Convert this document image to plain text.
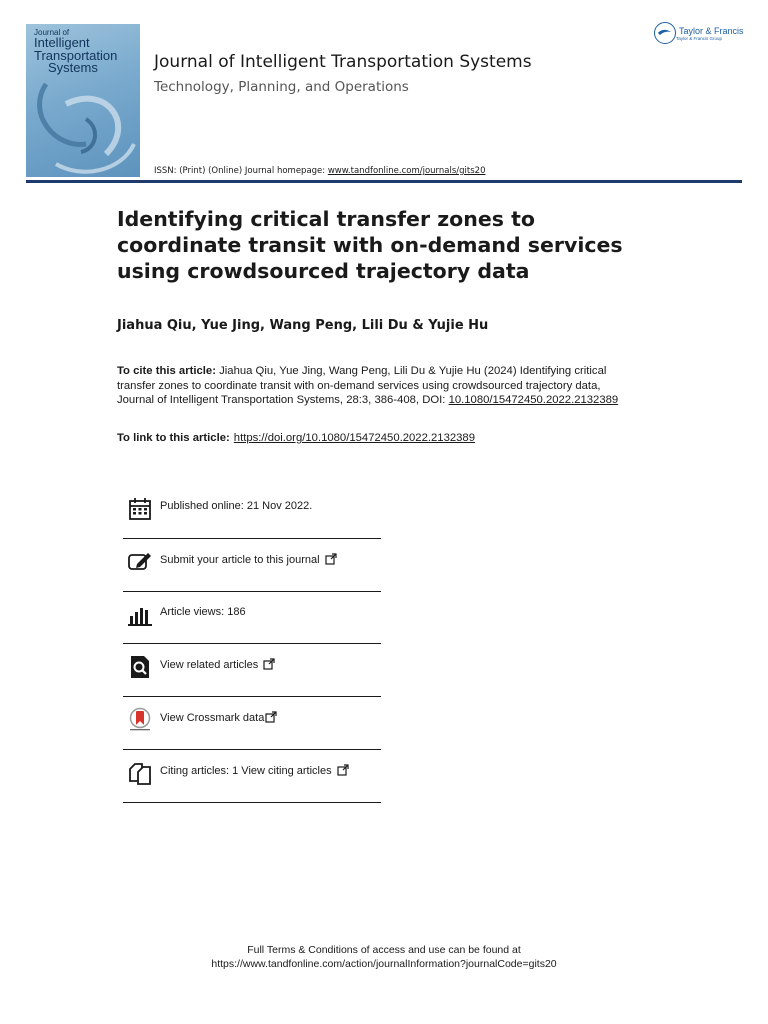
Journal of
Intelligent
Transportation
Systems	Journal of Intelligent Transportation Systems
Technology, Planning, and Operations
ISSN: (Print) (Online) Journal homepage: www.tandfonline.com/journals/gits20
Taylor & Francis
Taylor & Francis Group
Identifying critical transfer zones to coordinate transit with on-demand services using crowdsourced trajectory data
Jiahua Qiu, Yue Jing, Wang Peng, Lili Du & Yujie Hu
To cite this article: Jiahua Qiu, Yue Jing, Wang Peng, Lili Du & Yujie Hu (2024) Identifying critical transfer zones to coordinate transit with on-demand services using crowdsourced trajectory data, Journal of Intelligent Transportation Systems, 28:3, 386-408, DOI: 10.1080/15472450.2022.2132389
To link to this article: https://doi.org/10.1080/15472450.2022.2132389
Published online: 21 Nov 2022.
Submit your article to this journal
Article views: 186
View related articles
View Crossmark data
Citing articles: 1 View citing articles
Full Terms & Conditions of access and use can be found at
https://www.tandfonline.com/action/journalInformation?journalCode=gits20
